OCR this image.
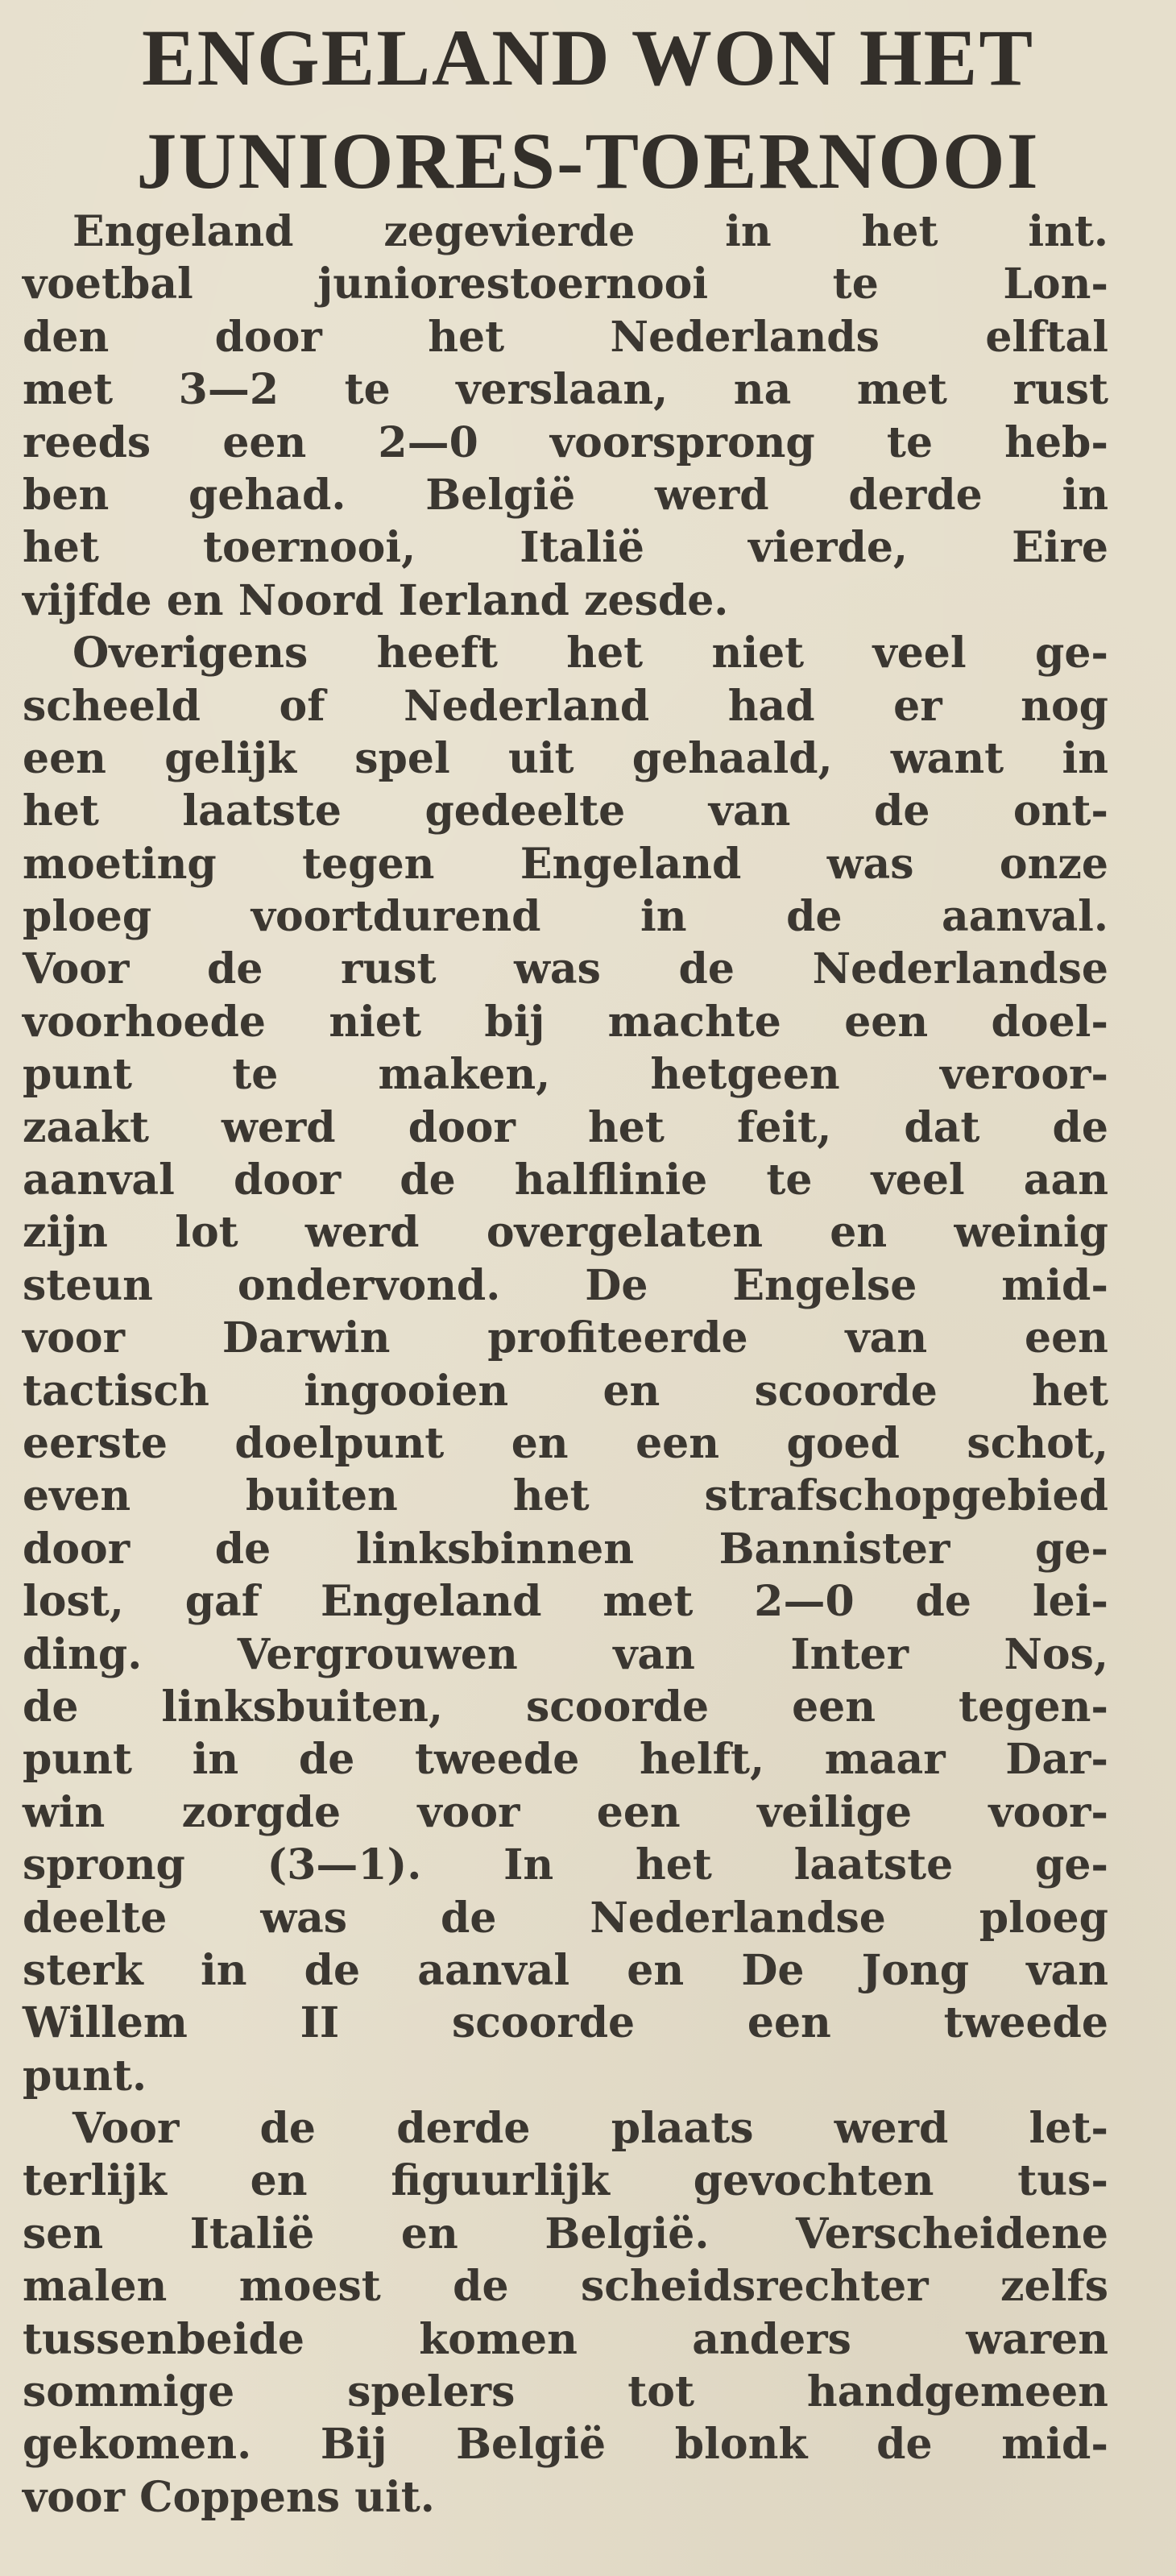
ENGELAND WON HET
JUNIORES-TOERNOOI
Engeland zegevierde in het int.
voetbal juniorestoernooi te Lon-
den door het Nederlands elftal
met 3—2 te verslaan, na met rust
reeds een 2—0 voorsprong te heb-
ben gehad. België werd derde in
het toernooi, Italië vierde, Eire
vijfde en Noord Ierland zesde.
Overigens heeft het niet veel ge-
scheeld of Nederland had er nog
een gelijk spel uit gehaald, want in
het laatste gedeelte van de ont-
moeting tegen Engeland was onze
ploeg voortdurend in de aanval.
Voor de rust was de Nederlandse
voorhoede niet bij machte een doel-
punt te maken, hetgeen veroor-
zaakt werd door het feit, dat de
aanval door de halflinie te veel aan
zijn lot werd overgelaten en weinig
steun ondervond. De Engelse mid-
voor Darwin profiteerde van een
tactisch ingooien en scoorde het
eerste doelpunt en een goed schot,
even buiten het strafschopgebied
door de linksbinnen Bannister ge-
lost, gaf Engeland met 2—0 de lei-
ding. Vergrouwen van Inter Nos,
de linksbuiten, scoorde een tegen-
punt in de tweede helft, maar Dar-
win zorgde voor een veilige voor-
sprong (3—1). In het laatste ge-
deelte was de Nederlandse ploeg
sterk in de aanval en De Jong van
Willem II scoorde een tweede
punt.
Voor de derde plaats werd let-
terlijk en figuurlijk gevochten tus-
sen Italië en België. Verscheidene
malen moest de scheidsrechter zelfs
tussenbeide komen anders waren
sommige spelers tot handgemeen
gekomen. Bij België blonk de mid-
voor Coppens uit.
